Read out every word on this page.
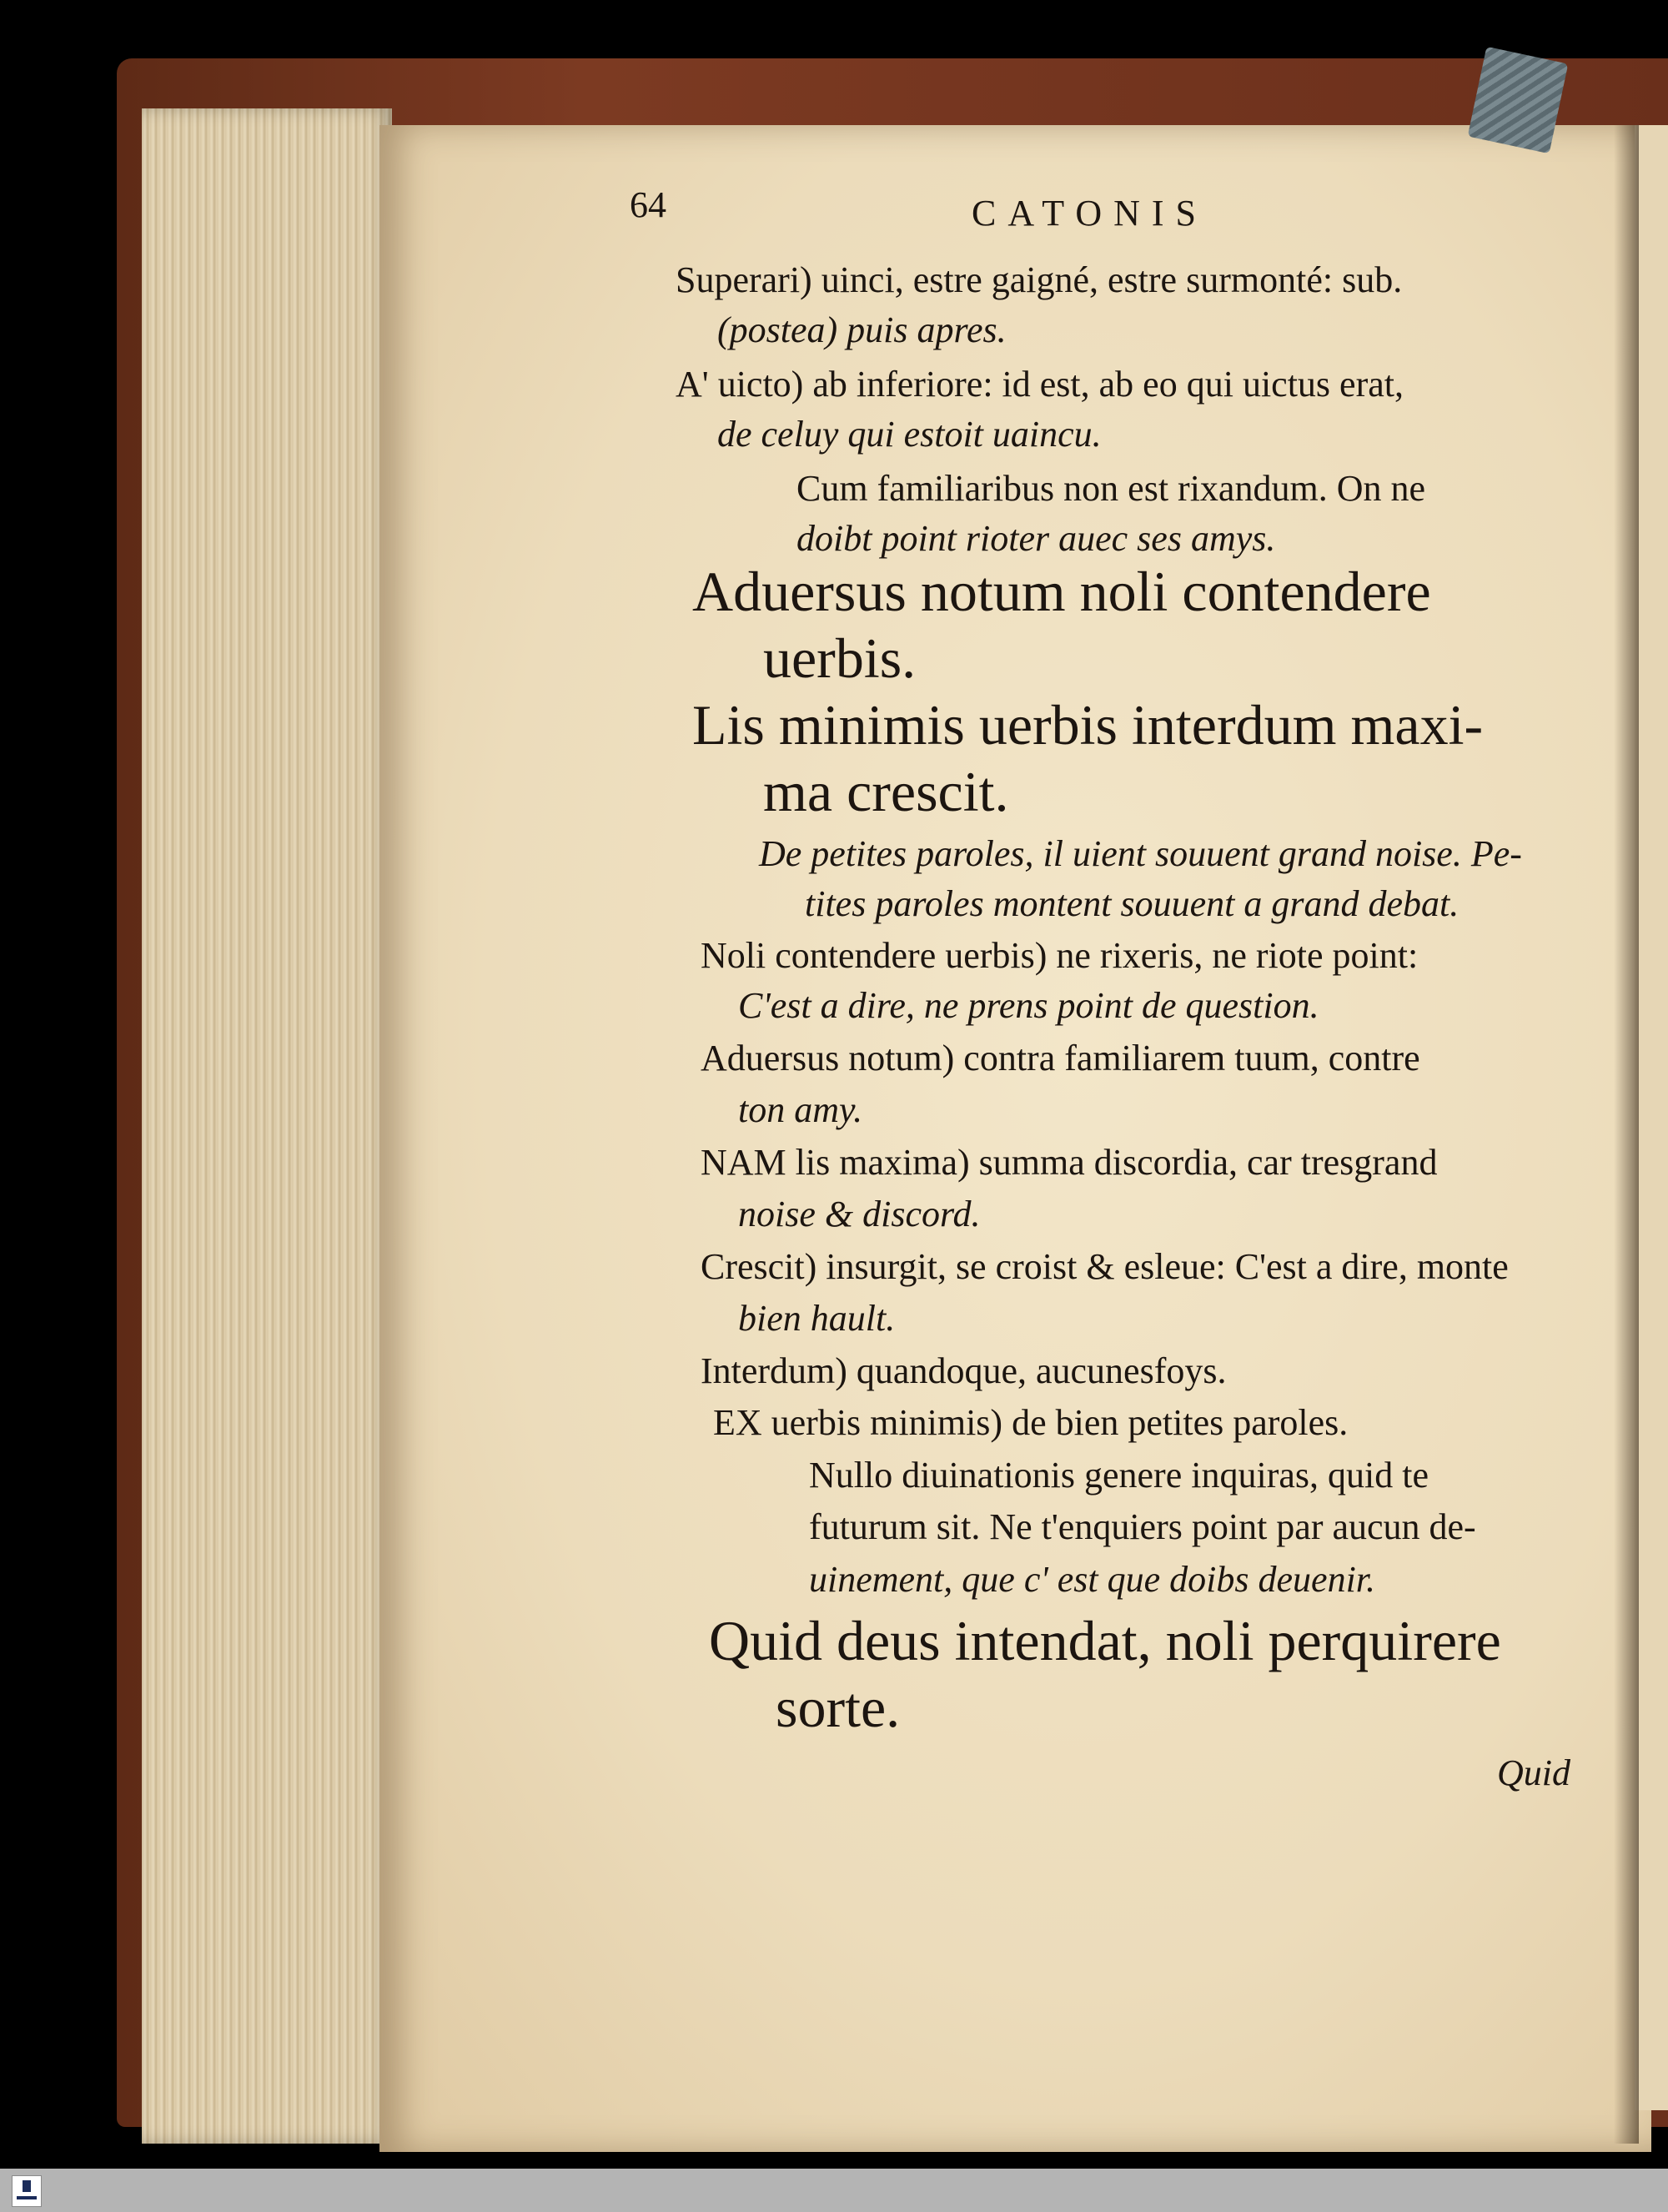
64	CATONIS
Superari) uinci, estre gaigné, estre surmonté: sub.
(postea) puis apres.
A' uicto) ab inferiore: id est, ab eo qui uictus erat,
de celuy qui estoit uaincu.
Cum familiaribus non est rixandum. On ne
doibt point rioter auec ses amys.
Aduersus notum noli contendere
uerbis.
Lis minimis uerbis interdum maxi-
ma crescit.
De petites paroles, il uient souuent grand noise. Pe-
tites paroles montent souuent a grand debat.
Noli contendere uerbis) ne rixeris, ne riote point:
C'est a dire, ne prens point de question.
Aduersus notum) contra familiarem tuum, contre
ton amy.
NAM lis maxima) summa discordia, car tresgrand
noise & discord.
Crescit) insurgit, se croist & esleue: C'est a dire, monte
bien hault.
Interdum) quandoque, aucunesfoys.
EX uerbis minimis) de bien petites paroles.
Nullo diuinationis genere inquiras, quid te
futurum sit. Ne t'enquiers point par aucun de-
uinement, que c' est que doibs deuenir.
Quid deus intendat, noli perquirere
sorte.
Quid
